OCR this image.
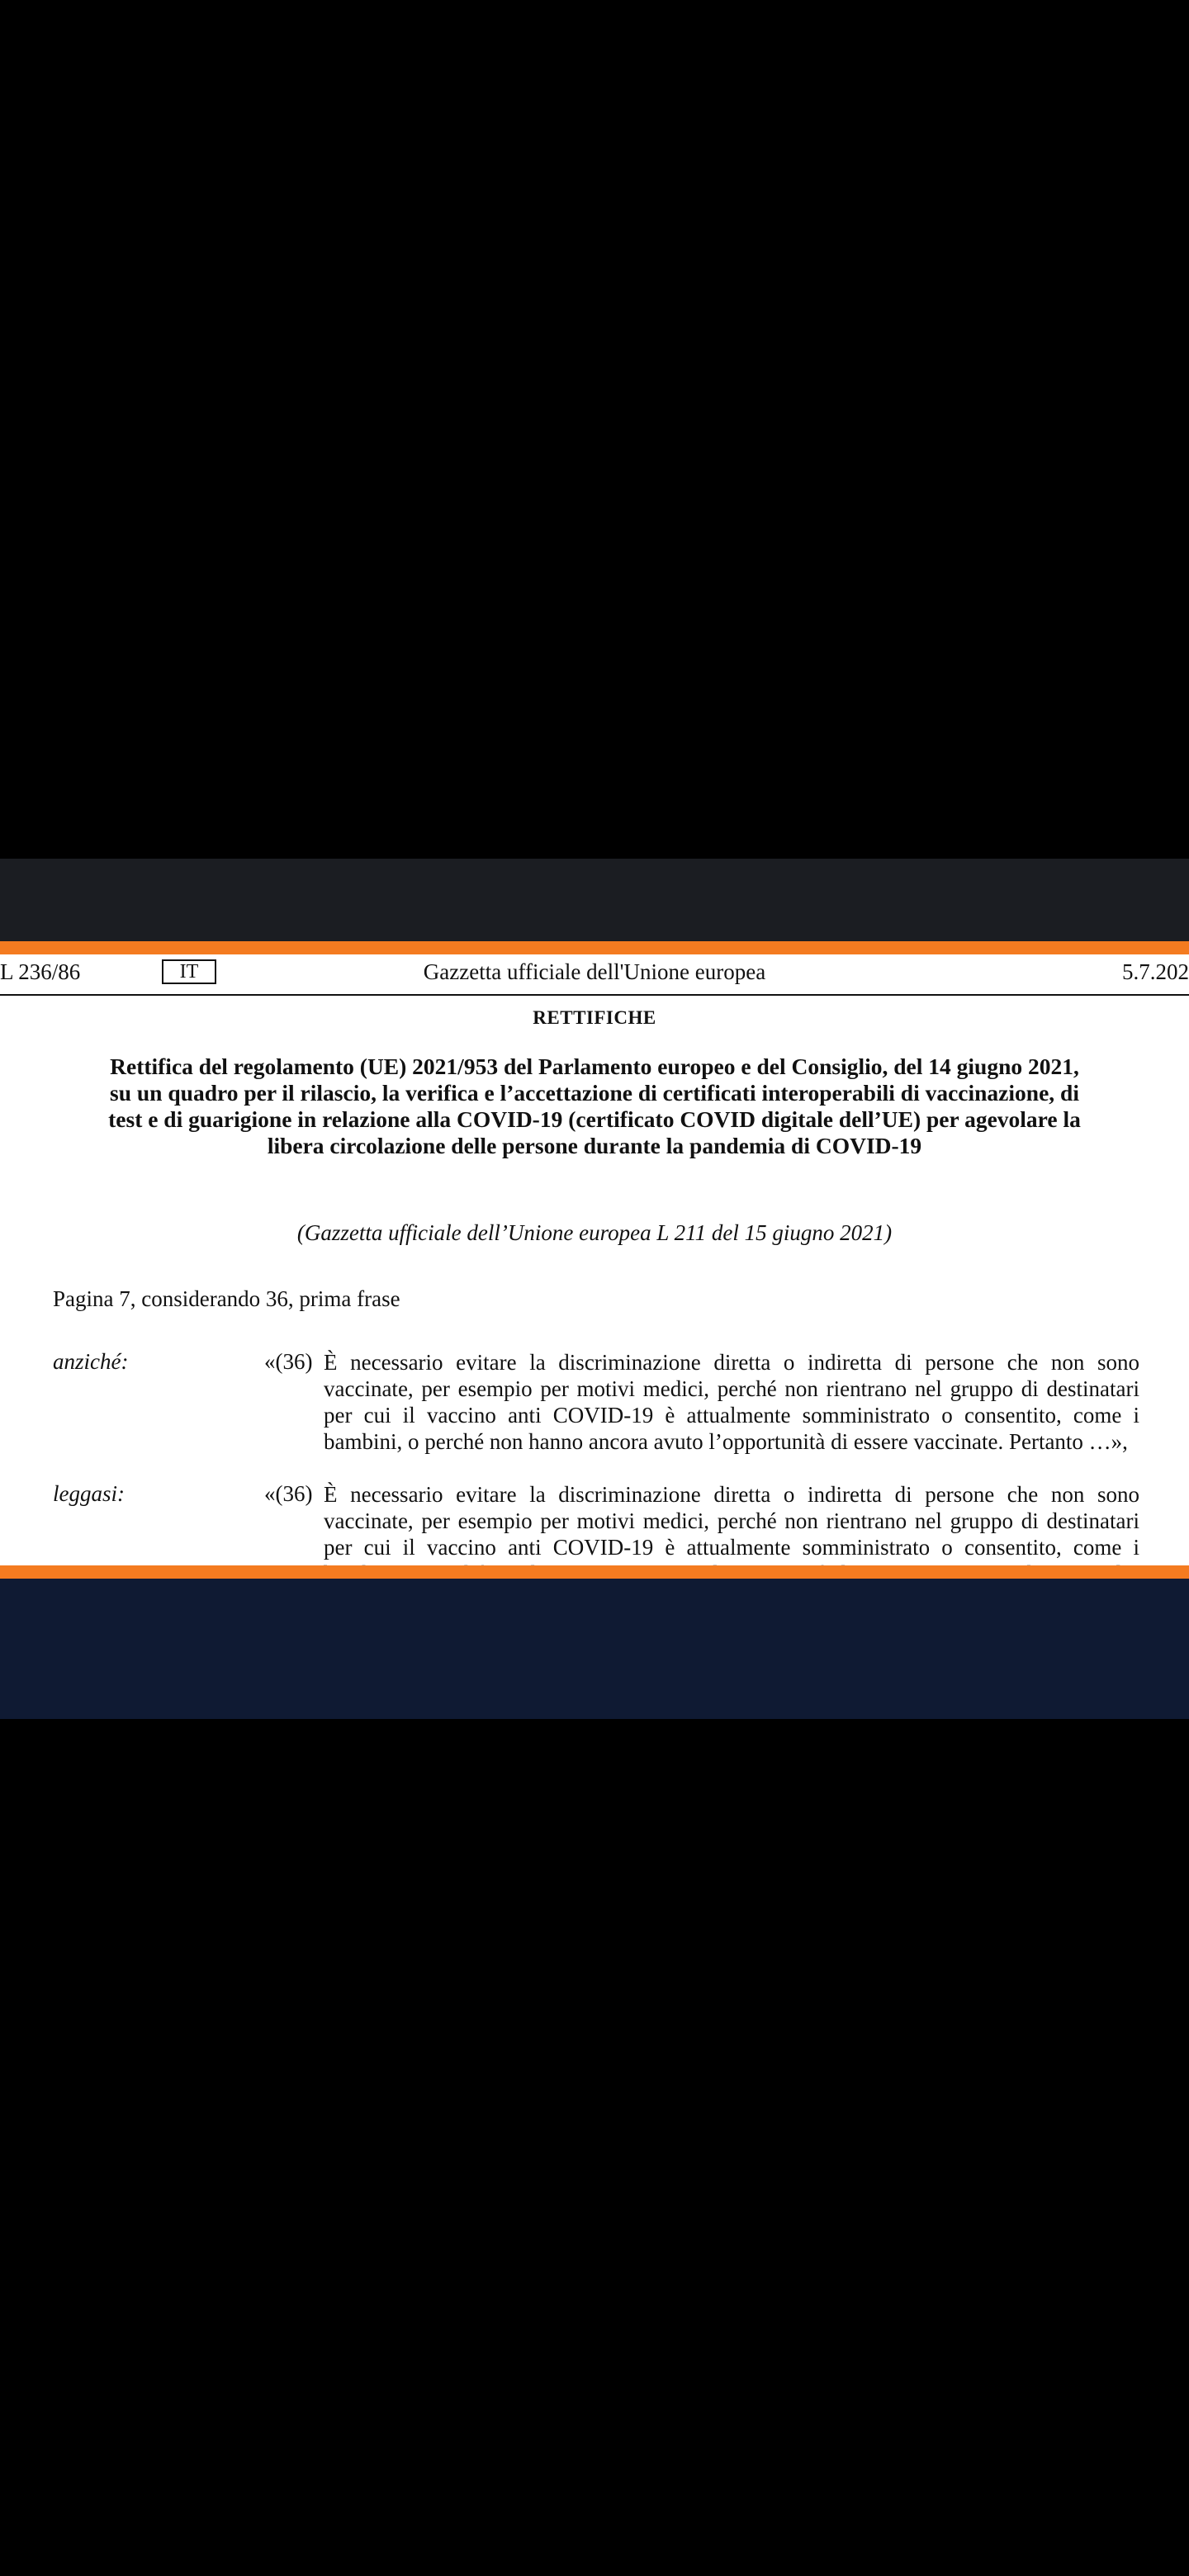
L 236/86	IT	Gazzetta ufficiale dell'Unione europea	5.7.202
RETTIFICHE
Rettifica del regolamento (UE) 2021/953 del Parlamento europeo e del Consiglio, del 14 giugno 2021, su un quadro per il rilascio, la verifica e l’accettazione di certificati interoperabili di vaccinazione, di test e di guarigione in relazione alla COVID-19 (certificato COVID digitale dell’UE) per agevolare la libera circolazione delle persone durante la pandemia di COVID-19
(Gazzetta ufficiale dell’Unione europea L 211 del 15 giugno 2021)
Pagina 7, considerando 36, prima frase
anziché:	«(36) È necessario evitare la discriminazione diretta o indiretta di persone che non sono vaccinate, per esempio per motivi medici, perché non rientrano nel gruppo di destinatari per cui il vaccino anti COVID-19 è attualmente somministrato o consentito, come i bambini, o perché non hanno ancora avuto l’opportunità di essere vaccinate. Pertanto …»,
leggasi:	«(36) È necessario evitare la discriminazione diretta o indiretta di persone che non sono vaccinate, per esempio per motivi medici, perché non rientrano nel gruppo di destinatari per cui il vaccino anti COVID-19 è attualmente somministrato o consentito, come i
